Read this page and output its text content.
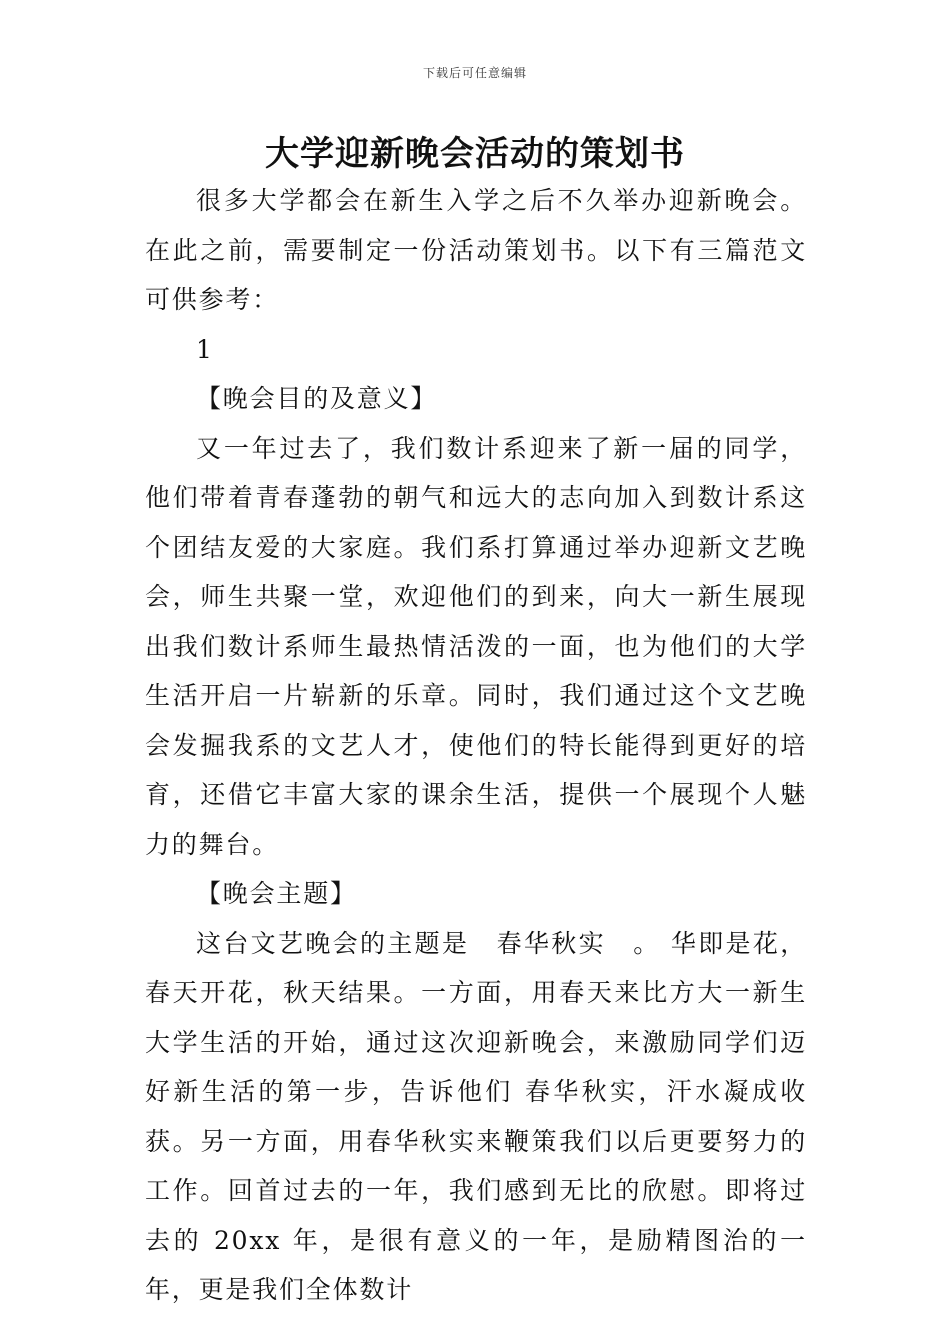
下载后可任意编辑
大学迎新晚会活动的策划书

很多大学都会在新生入学之后不久举办迎新晚会。在此之前，需要制定一份活动策划书。以下有三篇范文可供参考：

1

【晚会目的及意义】

又一年过去了，我们数计系迎来了新一届的同学，他们带着青春蓬勃的朝气和远大的志向加入到数计系这个团结友爱的大家庭。我们系打算通过举办迎新文艺晚会，师生共聚一堂，欢迎他们的到来，向大一新生展现出我们数计系师生最热情活泼的一面，也为他们的大学生活开启一片崭新的乐章。同时，我们通过这个文艺晚会发掘我系的文艺人才，使他们的特长能得到更好的培育，还借它丰富大家的课余生活，提供一个展现个人魅力的舞台。

【晚会主题】

这台文艺晚会的主题是　春华秋实　。 华即是花，春天开花，秋天结果。一方面，用春天来比方大一新生大学生活的开始，通过这次迎新晚会，来激励同学们迈好新生活的第一步，告诉他们 春华秋实，汗水凝成收获。另一方面，用春华秋实来鞭策我们以后更要努力的工作。回首过去的一年，我们感到无比的欣慰。即将过去的 20xx 年，是很有意义的一年，是励精图治的一年，更是我们全体数计
